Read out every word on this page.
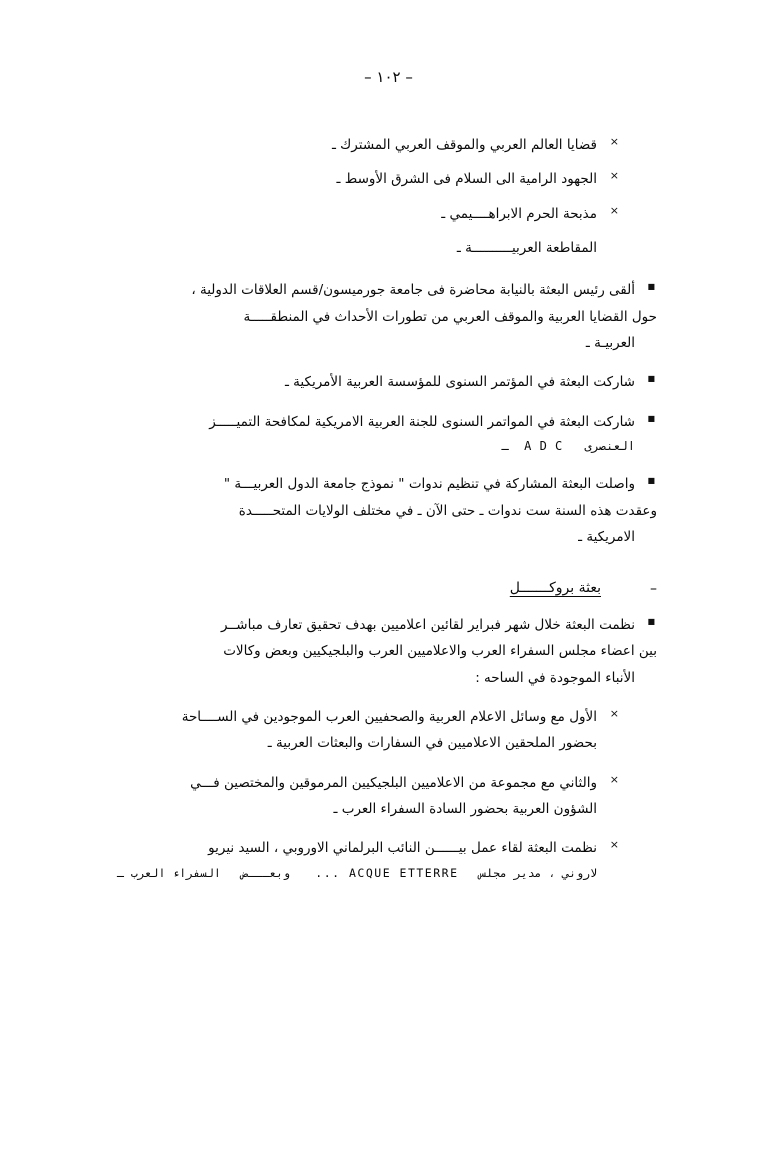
– ١٠٢ –
×
قضايا العالم العربي والموقف العربي المشترك ـ
×
الجهود الرامية الى السلام فى الشرق الأوسط ـ
×
مذبحة الحرم الابراهــــيمي ـ
المقاطعة العربيــــــــــة ـ
■
ألقى رئيس البعثة بالنيابة محاضرة فى جامعة جورميسون/قسم العلاقات الدولية ،
حول القضايا العربية والموقف العربي من تطورات الأحداث في المنطقـــــة
العربيـة ـ
■
شاركت البعثة في المؤتمر السنوى للمؤسسة العربية الأمريكية ـ
■
شاركت البعثة في المواتمر السنوى للجنة العربية الامريكية لمكافحة التميـــــز
العنصرى   A D C  ـ
■
واصلت البعثة المشاركة في تنظيم ندوات " نموذج جامعة الدول العربيـــة "
وعقدت هذه السنة ست ندوات ـ حتى الآن ـ في مختلف الولايات المتحـــــدة
الامريكية ـ
–
بعثة بروكـــــــل
■
نظمت البعثة خلال شهر فبراير لقائين اعلاميين بهدف تحقيق تعارف مباشــر
بين اعضاء مجلس السفراء العرب والاعلاميين العرب والبلجيكيين وبعض وكالات
الأنباء الموجودة في الساحه :
×
الأول مع وسائل الاعلام العربية والصحفيين العرب الموجودين في الســــاحة
بحضور الملحقين الاعلاميين في السفارات والبعثات العربية ـ
×
والثاني مع مجموعة من الاعلاميين البلجيكيين المرموقين والمختصين فـــي
الشؤون العربية بحضور السادة السفراء العرب ـ
×
نظمت البعثة لقاء عمل بيــــــن النائب البرلماني الاوروبي ، السيد نيريو
لاروني ، مدير مجلس   ACQUE ETTERRE ...   وبعـــض   السفراء العرب ـ
